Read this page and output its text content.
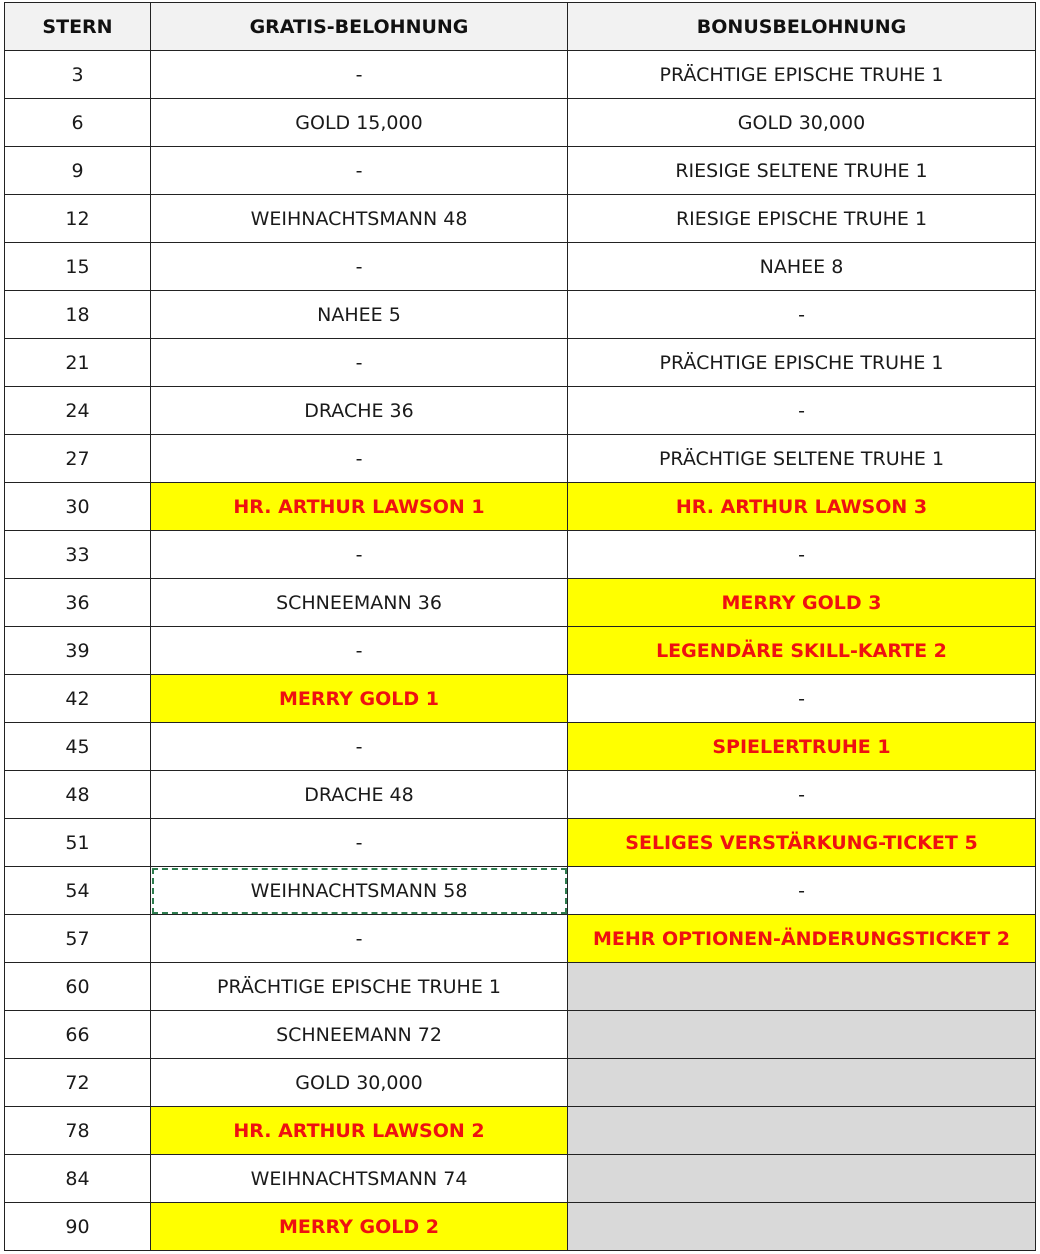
STERN	GRATIS-BELOHNUNG	BONUSBELOHNUNG
3	-	PRÄCHTIGE EPISCHE TRUHE 1
6	GOLD 15,000	GOLD 30,000
9	-	RIESIGE SELTENE TRUHE 1
12	WEIHNACHTSMANN 48	RIESIGE EPISCHE TRUHE 1
15	-	NAHEE 8
18	NAHEE 5	-
21	-	PRÄCHTIGE EPISCHE TRUHE 1
24	DRACHE 36	-
27	-	PRÄCHTIGE SELTENE TRUHE 1
30	HR. ARTHUR LAWSON 1	HR. ARTHUR LAWSON 3
33	-	-
36	SCHNEEMANN 36	MERRY GOLD 3
39	-	LEGENDÄRE SKILL-KARTE 2
42	MERRY GOLD 1	-
45	-	SPIELERTRUHE 1
48	DRACHE 48	-
51	-	SELIGES VERSTÄRKUNG-TICKET 5
54	WEIHNACHTSMANN 58	-
57	-	MEHR OPTIONEN-ÄNDERUNGSTICKET 2
60	PRÄCHTIGE EPISCHE TRUHE 1	
66	SCHNEEMANN 72	
72	GOLD 30,000	
78	HR. ARTHUR LAWSON 2	
84	WEIHNACHTSMANN 74	
90	MERRY GOLD 2	
